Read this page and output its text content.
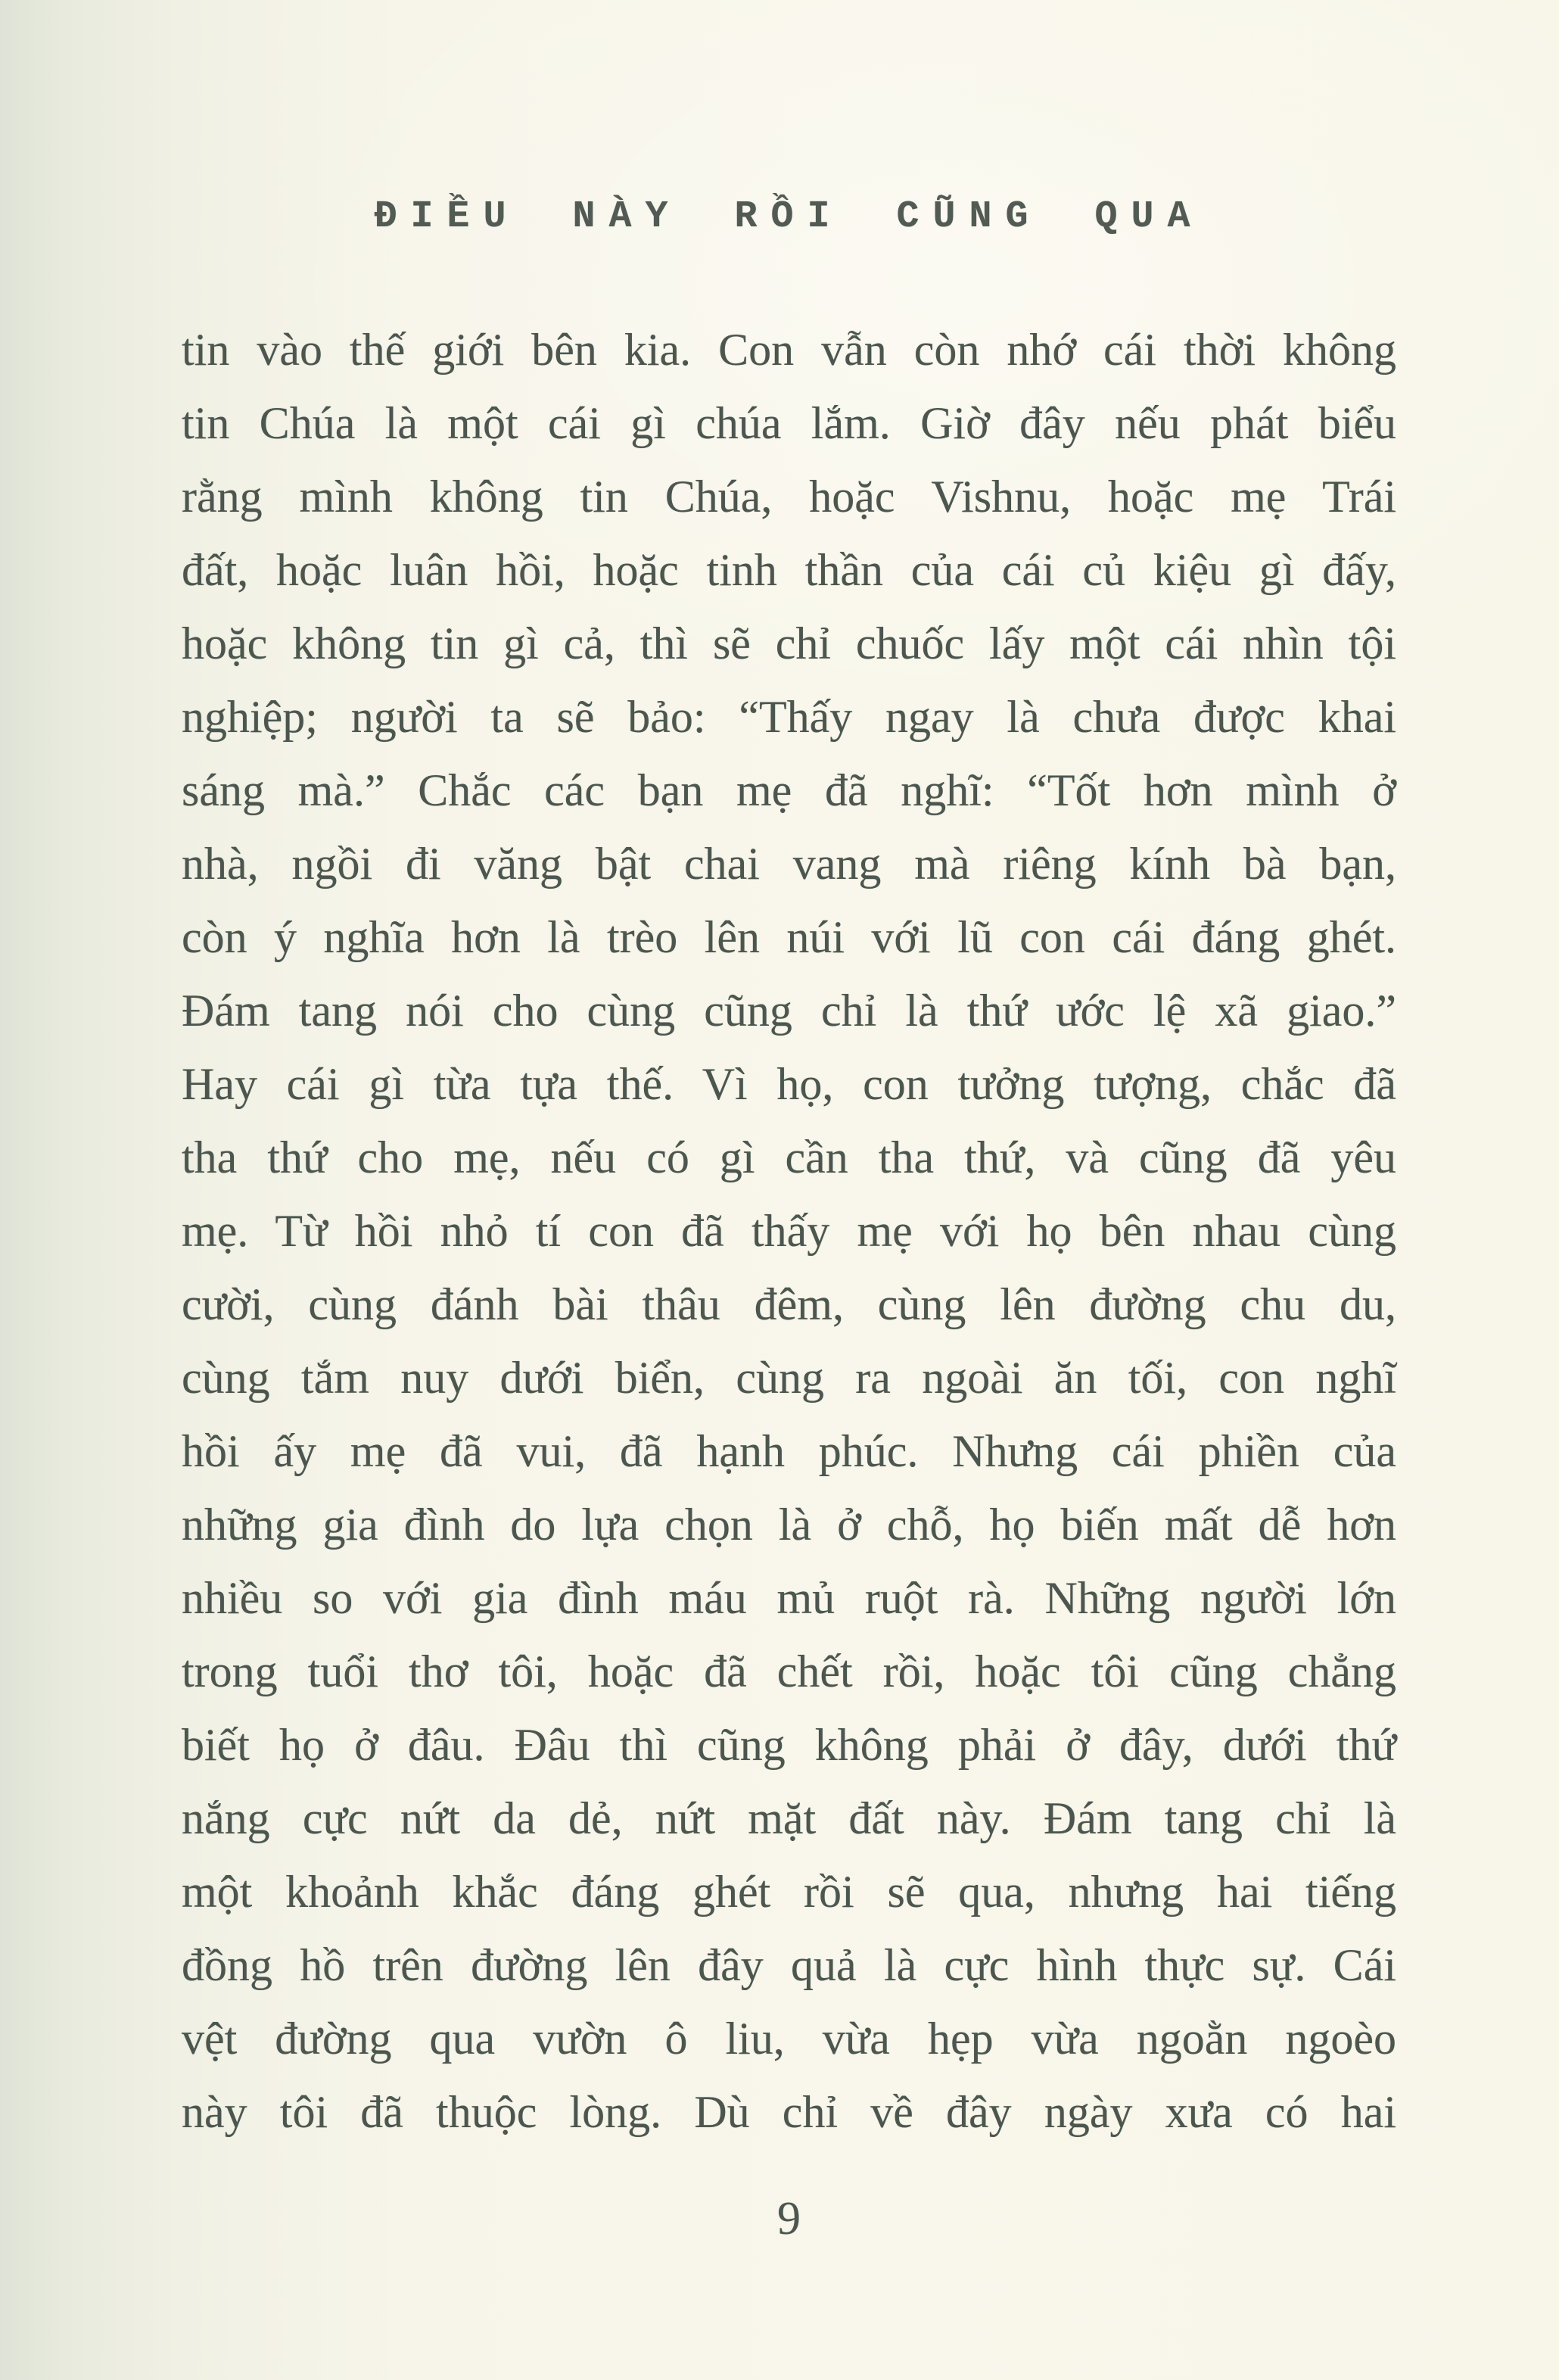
ĐIỀU NÀY RỒI CŨNG QUA
tin vào thế giới bên kia. Con vẫn còn nhớ cái thời không
tin Chúa là một cái gì chúa lắm. Giờ đây nếu phát biểu
rằng mình không tin Chúa, hoặc Vishnu, hoặc mẹ Trái
đất, hoặc luân hồi, hoặc tinh thần của cái củ kiệu gì đấy,
hoặc không tin gì cả, thì sẽ chỉ chuốc lấy một cái nhìn tội
nghiệp; người ta sẽ bảo: “Thấy ngay là chưa được khai
sáng mà.” Chắc các bạn mẹ đã nghĩ: “Tốt hơn mình ở
nhà, ngồi đi văng bật chai vang mà riêng kính bà bạn,
còn ý nghĩa hơn là trèo lên núi với lũ con cái đáng ghét.
Đám tang nói cho cùng cũng chỉ là thứ ước lệ xã giao.”
Hay cái gì từa tựa thế. Vì họ, con tưởng tượng, chắc đã
tha thứ cho mẹ, nếu có gì cần tha thứ, và cũng đã yêu
mẹ. Từ hồi nhỏ tí con đã thấy mẹ với họ bên nhau cùng
cười, cùng đánh bài thâu đêm, cùng lên đường chu du,
cùng tắm nuy dưới biển, cùng ra ngoài ăn tối, con nghĩ
hồi ấy mẹ đã vui, đã hạnh phúc. Nhưng cái phiền của
những gia đình do lựa chọn là ở chỗ, họ biến mất dễ hơn
nhiều so với gia đình máu mủ ruột rà. Những người lớn
trong tuổi thơ tôi, hoặc đã chết rồi, hoặc tôi cũng chẳng
biết họ ở đâu. Đâu thì cũng không phải ở đây, dưới thứ
nắng cực nứt da dẻ, nứt mặt đất này. Đám tang chỉ là
một khoảnh khắc đáng ghét rồi sẽ qua, nhưng hai tiếng
đồng hồ trên đường lên đây quả là cực hình thực sự. Cái
vệt đường qua vườn ô liu, vừa hẹp vừa ngoằn ngoèo
này tôi đã thuộc lòng. Dù chỉ về đây ngày xưa có hai
9
